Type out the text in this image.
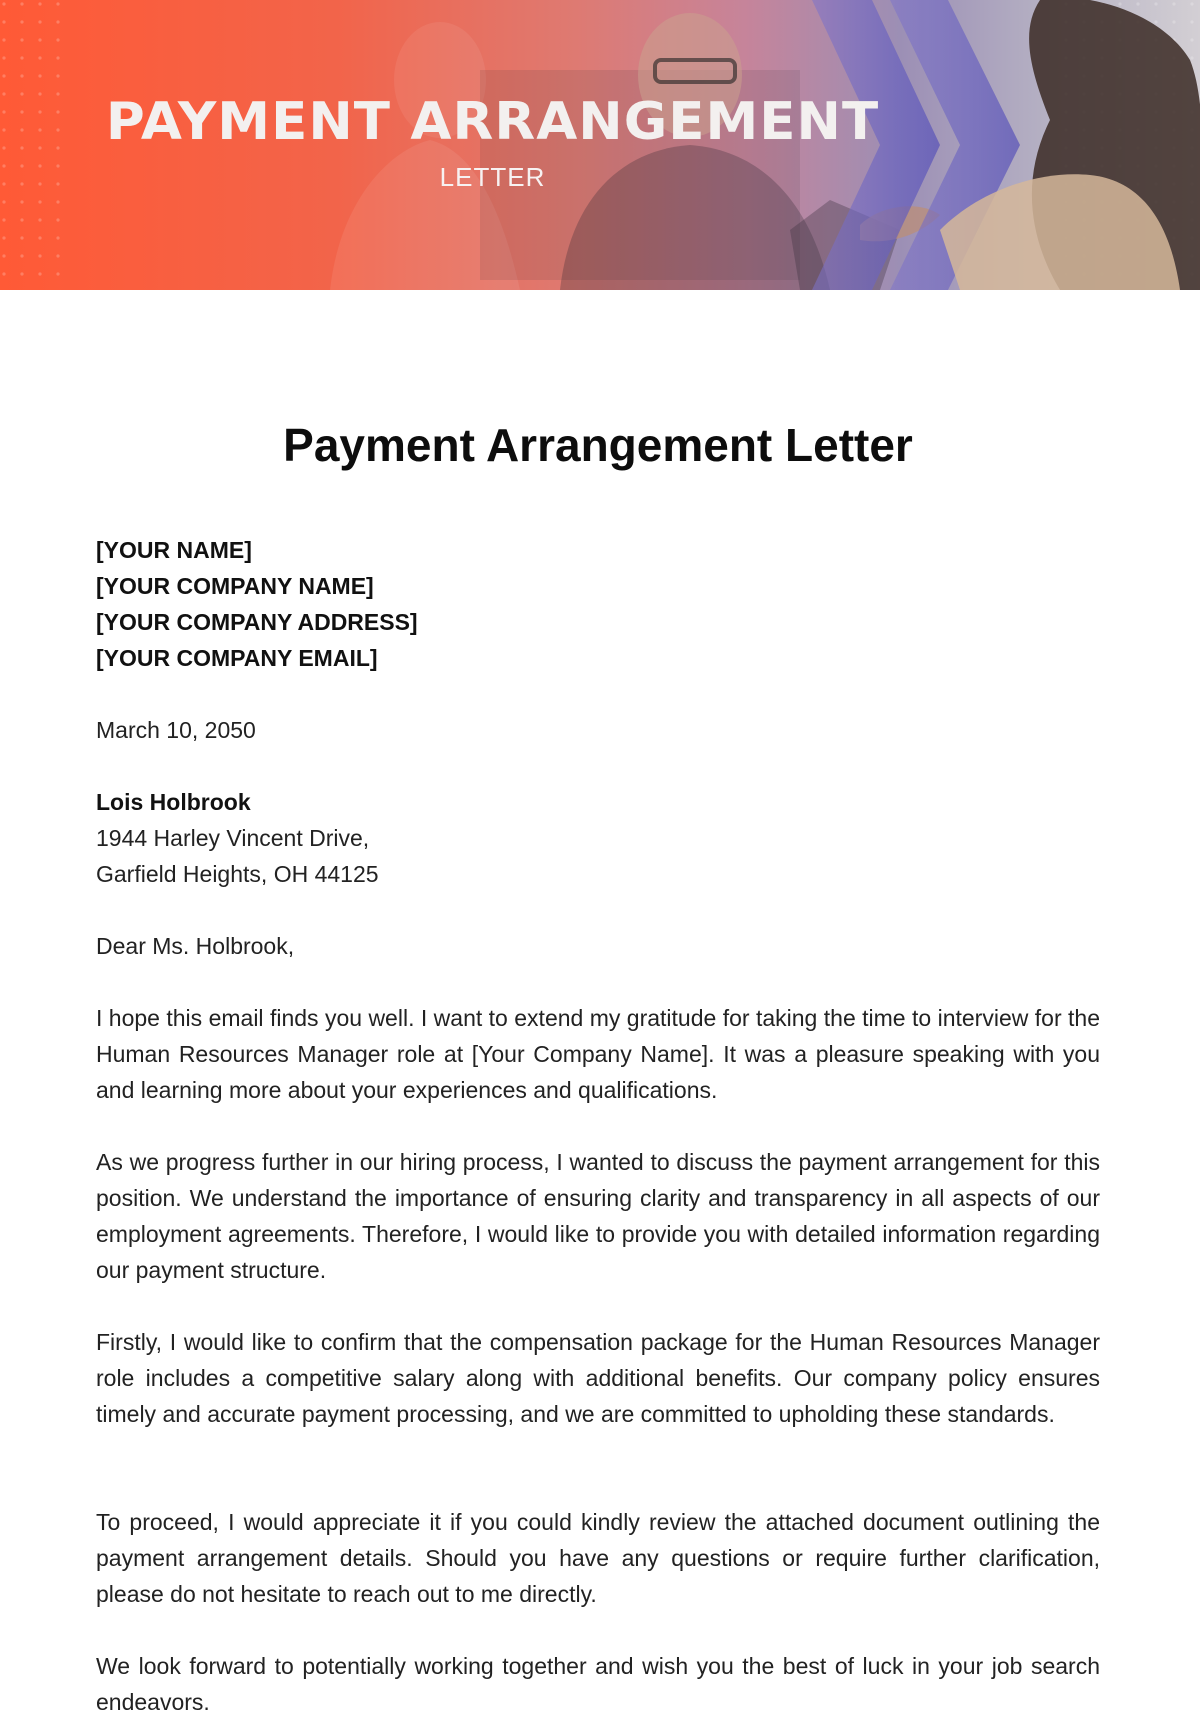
PAYMENT ARRANGEMENT
LETTER
Payment Arrangement Letter
[YOUR NAME]
[YOUR COMPANY NAME]
[YOUR COMPANY ADDRESS]
[YOUR COMPANY EMAIL]
March 10, 2050
Lois Holbrook
1944 Harley Vincent Drive,
Garfield Heights, OH 44125
Dear Ms. Holbrook,

I hope this email finds you well. I want to extend my gratitude for taking the time to interview for the Human Resources Manager role at [Your Company Name]. It was a pleasure speaking with you and learning more about your experiences and qualifications.

As we progress further in our hiring process, I wanted to discuss the payment arrangement for this position. We understand the importance of ensuring clarity and transparency in all aspects of our employment agreements. Therefore, I would like to provide you with detailed information regarding our payment structure.

Firstly, I would like to confirm that the compensation package for the Human Resources Manager role includes a competitive salary along with additional benefits. Our company policy ensures timely and accurate payment processing, and we are committed to upholding these standards.

To proceed, I would appreciate it if you could kindly review the attached document outlining the payment arrangement details. Should you have any questions or require further clarification, please do not hesitate to reach out to me directly.

We look forward to potentially working together and wish you the best of luck in your job search endeavors.
